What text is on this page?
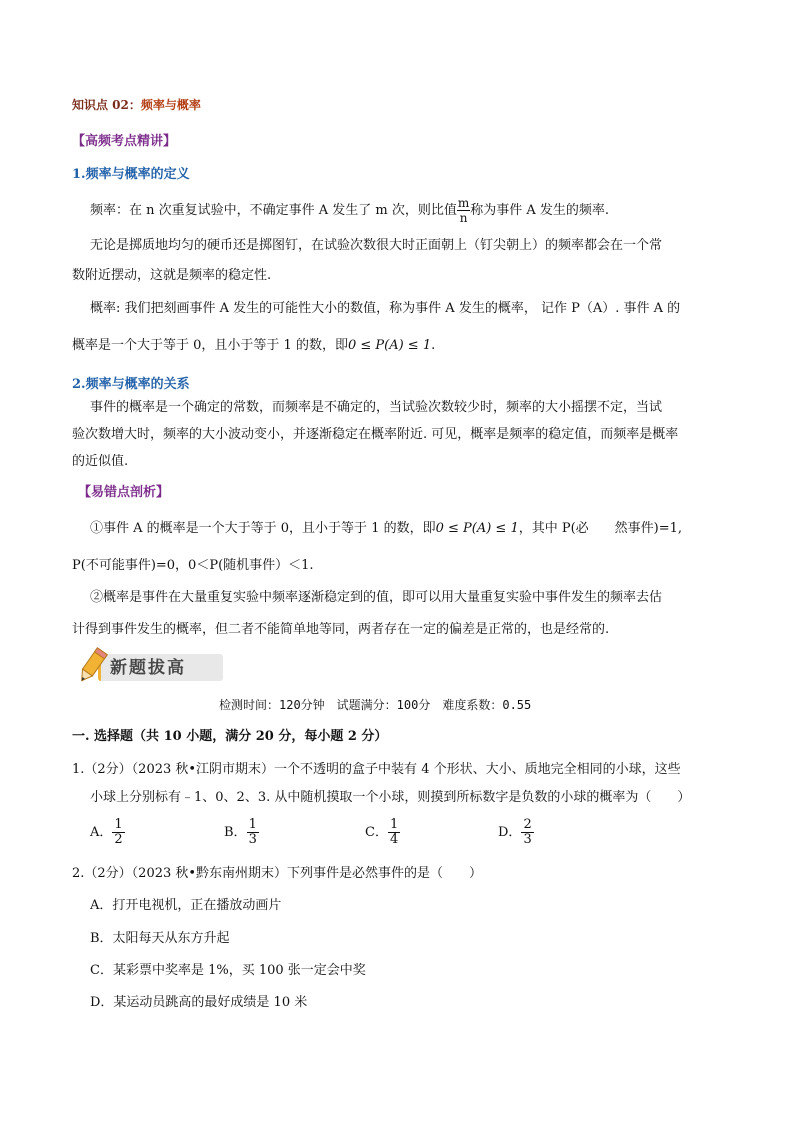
知识点 02：频率与概率
【高频考点精讲】
1.频率与概率的定义
频率：在 n 次重复试验中，不确定事件 A 发生了 m 次，则比值 $\frac{m}{n}$ 称为事件 A 发生的频率.
无论是掷质地均匀的硬币还是掷图钉，在试验次数很大时正面朝上（钉尖朝上）的频率都会在一个常
数附近摆动，这就是频率的稳定性.
概率: 我们把刻画事件 A 发生的可能性大小的数值，称为事件 A 发生的概率， 记作 P（A）. 事件 A 的
概率是一个大于等于 0，且小于等于 1 的数，即0 ≤ P(A) ≤ 1.
2.频率与概率的关系
事件的概率是一个确定的常数，而频率是不确定的，当试验次数较少时，频率的大小摇摆不定，当试
验次数增大时，频率的大小波动变小，并逐渐稳定在概率附近. 可见，概率是频率的稳定值，而频率是概率
的近似值.
【易错点剖析】
①事件 A 的概率是一个大于等于 0，且小于等于 1 的数，即0 ≤ P(A) ≤ 1，其中 P(必　　然事件)=1,
P(不可能事件)=0，0＜P(随机事件）＜1.
②概率是事件在大量重复实验中频率逐渐稳定到的值，即可以用大量重复实验中事件发生的频率去估
计得到事件发生的概率，但二者不能简单地等同，两者存在一定的偏差是正常的，也是经常的.
新题拔高
检测时间：120分钟　试题满分：100分　难度系数：0.55
一. 选择题（共 10 小题，满分 20 分，每小题 2 分）
1.（2分）（2023 秋•江阴市期末）一个不透明的盒子中装有 4 个形状、大小、质地完全相同的小球，这些
小球上分别标有﹣1、0、2、3. 从中随机摸取一个小球，则摸到所标数字是负数的小球的概率为（　　）
A． $\frac{1}{2}$	B． $\frac{1}{3}$	C． $\frac{1}{4}$	D． $\frac{2}{3}$
2.（2分）（2023 秋•黔东南州期末）下列事件是必然事件的是（　　）
A．打开电视机，正在播放动画片
B．太阳每天从东方升起
C．某彩票中奖率是 1%，买 100 张一定会中奖
D．某运动员跳高的最好成绩是 10 米
